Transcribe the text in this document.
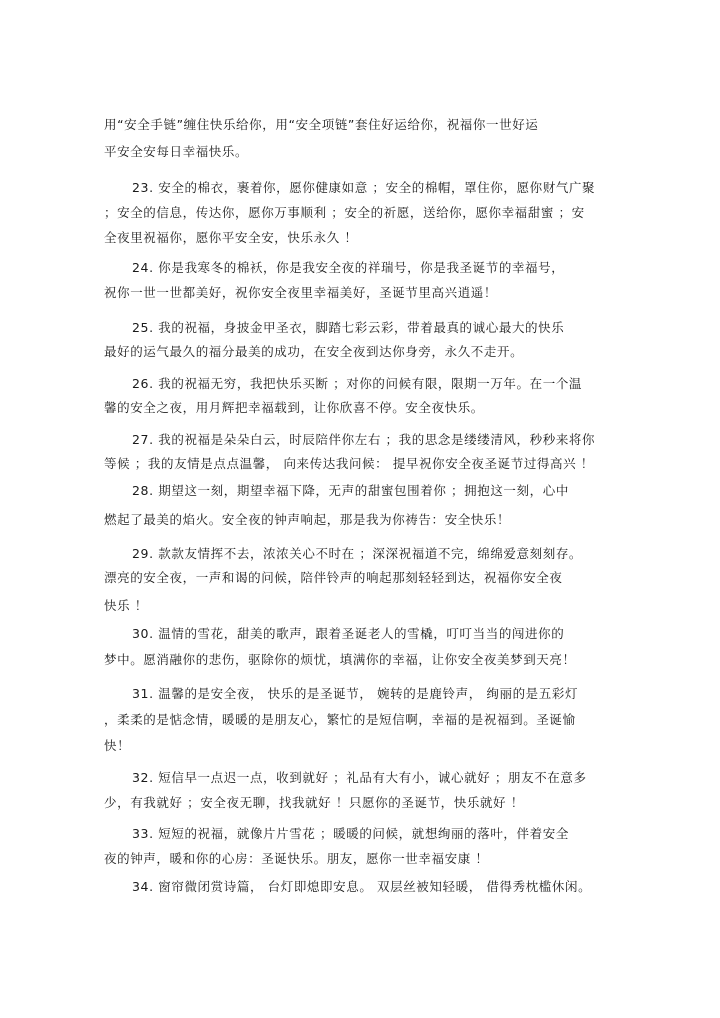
用“安全手链”缠住快乐给你，用“安全项链”套住好运给你，祝福你一世好运
平安全安每日幸福快乐。
23. 安全的棉衣，裹着你，愿你健康如意 ；安全的棉帽，罩住你，愿你财气广聚
；安全的信息，传达你，愿你万事顺利 ；安全的祈愿，送给你，愿你幸福甜蜜 ；安
全夜里祝福你，愿你平安全安，快乐永久 ！
24. 你是我寒冬的棉袄，你是我安全夜的祥瑞号，你是我圣诞节的幸福号，
祝你一世一世都美好，祝你安全夜里幸福美好，圣诞节里高兴逍遥！
25. 我的祝福，身披金甲圣衣，脚踏七彩云彩，带着最真的诚心最大的快乐
最好的运气最久的福分最美的成功，在安全夜到达你身旁，永久不走开。
26. 我的祝福无穷，我把快乐买断 ；对你的问候有限，限期一万年。在一个温
馨的安全之夜，用月辉把幸福载到，让你欣喜不停。安全夜快乐。
27. 我的祝福是朵朵白云，时辰陪伴你左右 ；我的思念是缕缕清风，秒秒来将你
等候 ；我的友情是点点温馨， 向来传达我问候： 提早祝你安全夜圣诞节过得高兴 ！
28. 期望这一刻，期望幸福下降，无声的甜蜜包围着你 ；拥抱这一刻，心中
燃起了最美的焰火。安全夜的钟声响起，那是我为你祷告：安全快乐！
29. 款款友情挥不去，浓浓关心不时在 ；深深祝福道不完，绵绵爱意刻刻存。
漂亮的安全夜，一声和谒的问候，陪伴铃声的响起那刻轻轻到达，祝福你安全夜
快乐 ！
30. 温情的雪花，甜美的歌声，跟着圣诞老人的雪橇，叮叮当当的闯进你的
梦中。愿消融你的悲伤，驱除你的烦忧，填满你的幸福，让你安全夜美梦到天亮！
31. 温馨的是安全夜， 快乐的是圣诞节， 婉转的是鹿铃声， 绚丽的是五彩灯
，柔柔的是惦念情，暖暖的是朋友心，繁忙的是短信啊，幸福的是祝福到。圣诞愉
快！
32. 短信早一点迟一点，收到就好 ；礼品有大有小，诚心就好 ；朋友不在意多
少，有我就好 ；安全夜无聊，找我就好 ！只愿你的圣诞节，快乐就好 ！
33. 短短的祝福，就像片片雪花 ；暖暖的问候，就想绚丽的落叶，伴着安全
夜的钟声，暖和你的心房：圣诞快乐。朋友，愿你一世幸福安康 ！
34. 窗帘微闭赏诗篇， 台灯即熄即安息。 双层丝被知轻暖， 借得秀枕槛休闲。
